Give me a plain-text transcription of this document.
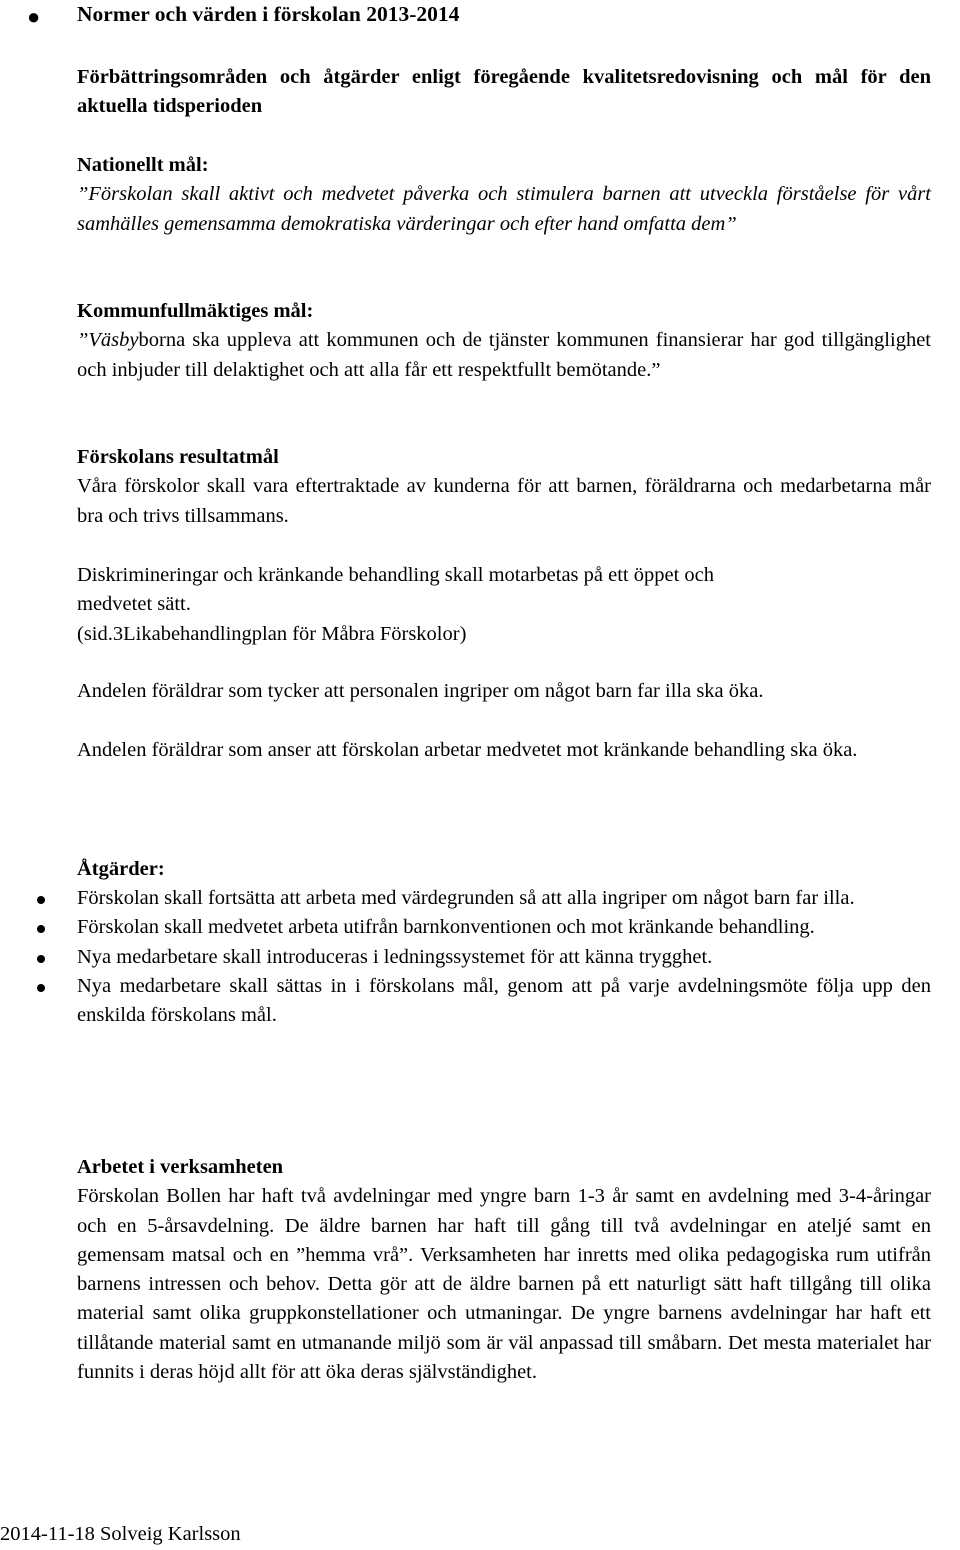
● Normer och värden i förskolan 2013-2014

Förbättringsområden och åtgärder enligt föregående kvalitetsredovisning och mål för den aktuella tidsperioden

Nationellt mål:
”Förskolan skall aktivt och medvetet påverka och stimulera barnen att utveckla förståelse för vårt samhälles gemensamma demokratiska värderingar och efter hand omfatta dem”
Kommunfullmäktiges mål:
”Väsbyborna ska uppleva att kommunen och de tjänster kommunen finansierar har god tillgänglighet och inbjuder till delaktighet och att alla får ett respektfullt bemötande.”
Förskolans resultatmål
Våra förskolor skall vara eftertraktade av kunderna för att barnen, föräldrarna och medarbetarna mår bra och trivs tillsammans.
Diskrimineringar och kränkande behandling skall motarbetas på ett öppet och
medvetet sätt.
(sid.3Likabehandlingplan för Måbra Förskolor)

Andelen föräldrar som tycker att personalen ingriper om något barn far illa ska öka.

Andelen föräldrar som anser att förskolan arbetar medvetet mot kränkande behandling ska öka.

Åtgärder:

Förskolan skall fortsätta att arbeta med värdegrunden så att alla ingriper om något barn far illa.
Förskolan skall medvetet arbeta utifrån barnkonventionen och mot kränkande behandling.
Nya medarbetare skall introduceras i ledningssystemet för att känna trygghet.
Nya medarbetare skall sättas in i förskolans mål, genom att på varje avdelningsmöte följa upp den enskilda förskolans mål.
Arbetet i verksamheten
Förskolan Bollen har haft två avdelningar med yngre barn 1-3 år samt en avdelning med 3-4-åringar och en 5-årsavdelning. De äldre barnen har haft till gång till två avdelningar en ateljé samt en gemensam matsal och en ”hemma vrå”. Verksamheten har inretts med olika pedagogiska rum utifrån barnens intressen och behov. Detta gör att de äldre barnen på ett naturligt sätt haft tillgång till olika material samt olika gruppkonstellationer och utmaningar. De yngre barnens avdelningar har haft ett tillåtande material samt en utmanande miljö som är väl anpassad till småbarn. Det mesta materialet har funnits i deras höjd allt för att öka deras självständighet.

2014-11-18 Solveig Karlsson
